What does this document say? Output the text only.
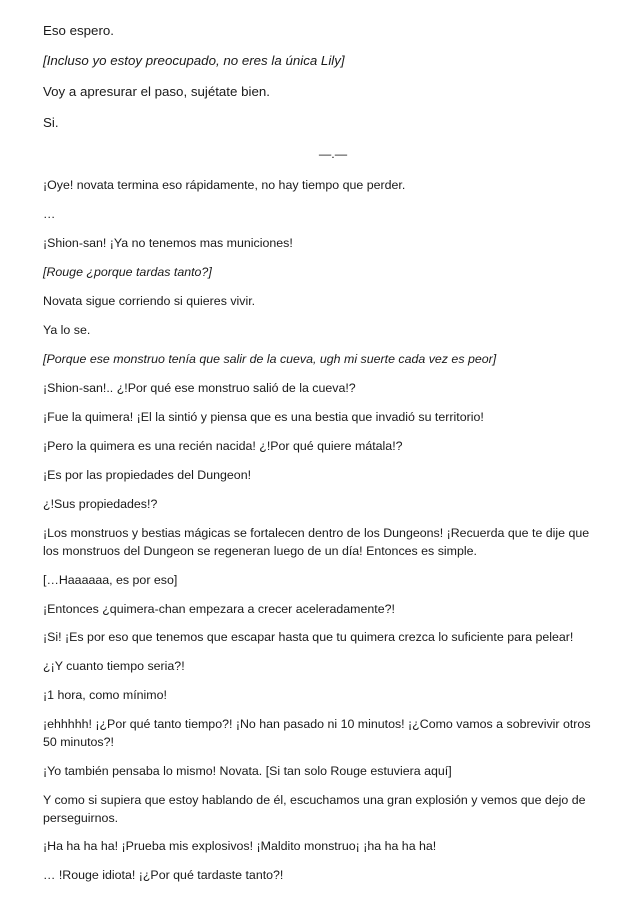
Eso espero.

[Incluso yo estoy preocupado, no eres la única Lily]

Voy a apresurar el paso, sujétate bien.

Si.

—.—

¡Oye! novata termina eso rápidamente, no hay tiempo que perder.

…

¡Shion-san! ¡Ya no tenemos mas municiones!

[Rouge ¿porque tardas tanto?]

Novata sigue corriendo si quieres vivir.

Ya lo se.

[Porque ese monstruo tenía que salir de la cueva, ugh mi suerte cada vez es peor]

¡Shion-san!.. ¿!Por qué ese monstruo salió de la cueva!?

¡Fue la quimera! ¡El la sintió y piensa que es una bestia que invadió su territorio!

¡Pero la quimera es una recién nacida! ¿!Por qué quiere mátala!?

¡Es por las propiedades del Dungeon!

¿!Sus propiedades!?

¡Los monstruos y bestias mágicas se fortalecen dentro de los Dungeons! ¡Recuerda que te dije que los monstruos del Dungeon se regeneran luego de un día! Entonces es simple.

[…Haaaaaa, es por eso]

¡Entonces ¿quimera-chan empezara a crecer aceleradamente?!

¡Si! ¡Es por eso que tenemos que escapar hasta que tu quimera crezca lo suficiente para pelear!

¿¡Y cuanto tiempo seria?!

¡1 hora, como mínimo!

¡ehhhhh! ¡¿Por qué tanto tiempo?! ¡No han pasado ni 10 minutos! ¡¿Como vamos a sobrevivir otros 50 minutos?!

¡Yo también pensaba lo mismo! Novata. [Si tan solo Rouge estuviera aquí]

Y como si supiera que estoy hablando de él, escuchamos una gran explosión y vemos que dejo de perseguirnos.

¡Ha ha ha ha! ¡Prueba mis explosivos! ¡Maldito monstruo¡ ¡ha ha ha ha!

… !Rouge idiota! ¡¿Por qué tardaste tanto?!
